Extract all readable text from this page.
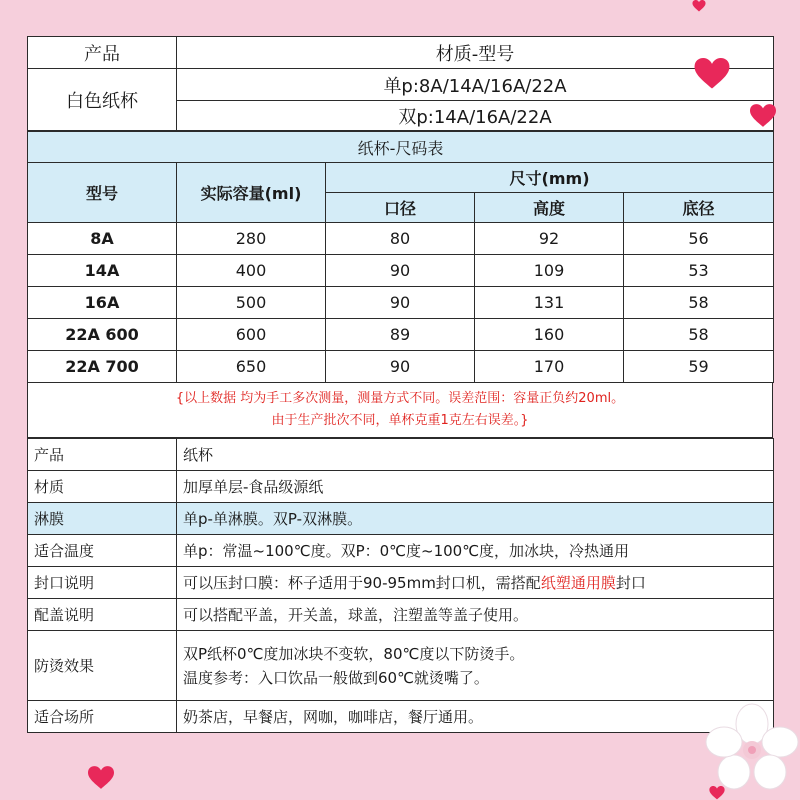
产品	材质-型号
白色纸杯	单p:8A/14A/16A/22A
	双p:14A/16A/22A
纸杯-尺码表				
型号	实际容量(ml)	尺寸(mm)		
		口径	高度	底径
8A	280	80	92	56
14A	400	90	109	53
16A	500	90	131	58
22A 600	600	89	160	58
22A 700	650	90	170	59
{以上数据 均为手工多次测量，测量方式不同。误差范围：容量正负约20ml。
由于生产批次不同，单杯克重1克左右误差。}
产品	纸杯
材质	加厚单层-食品级源纸
淋膜	单p-单淋膜。双P-双淋膜。
适合温度	单p：常温~100℃度。双P：0℃度~100℃度，加冰块，冷热通用
封口说明	可以压封口膜：杯子适用于90-95mm封口机，需搭配纸塑通用膜封口
配盖说明	可以搭配平盖，开关盖，球盖，注塑盖等盖子使用。
防烫效果	双P纸杯0℃度加冰块不变软，80℃度以下防烫手。
温度参考：入口饮品一般做到60℃就烫嘴了。

适合场所	奶茶店，早餐店，网咖，咖啡店，餐厅通用。
